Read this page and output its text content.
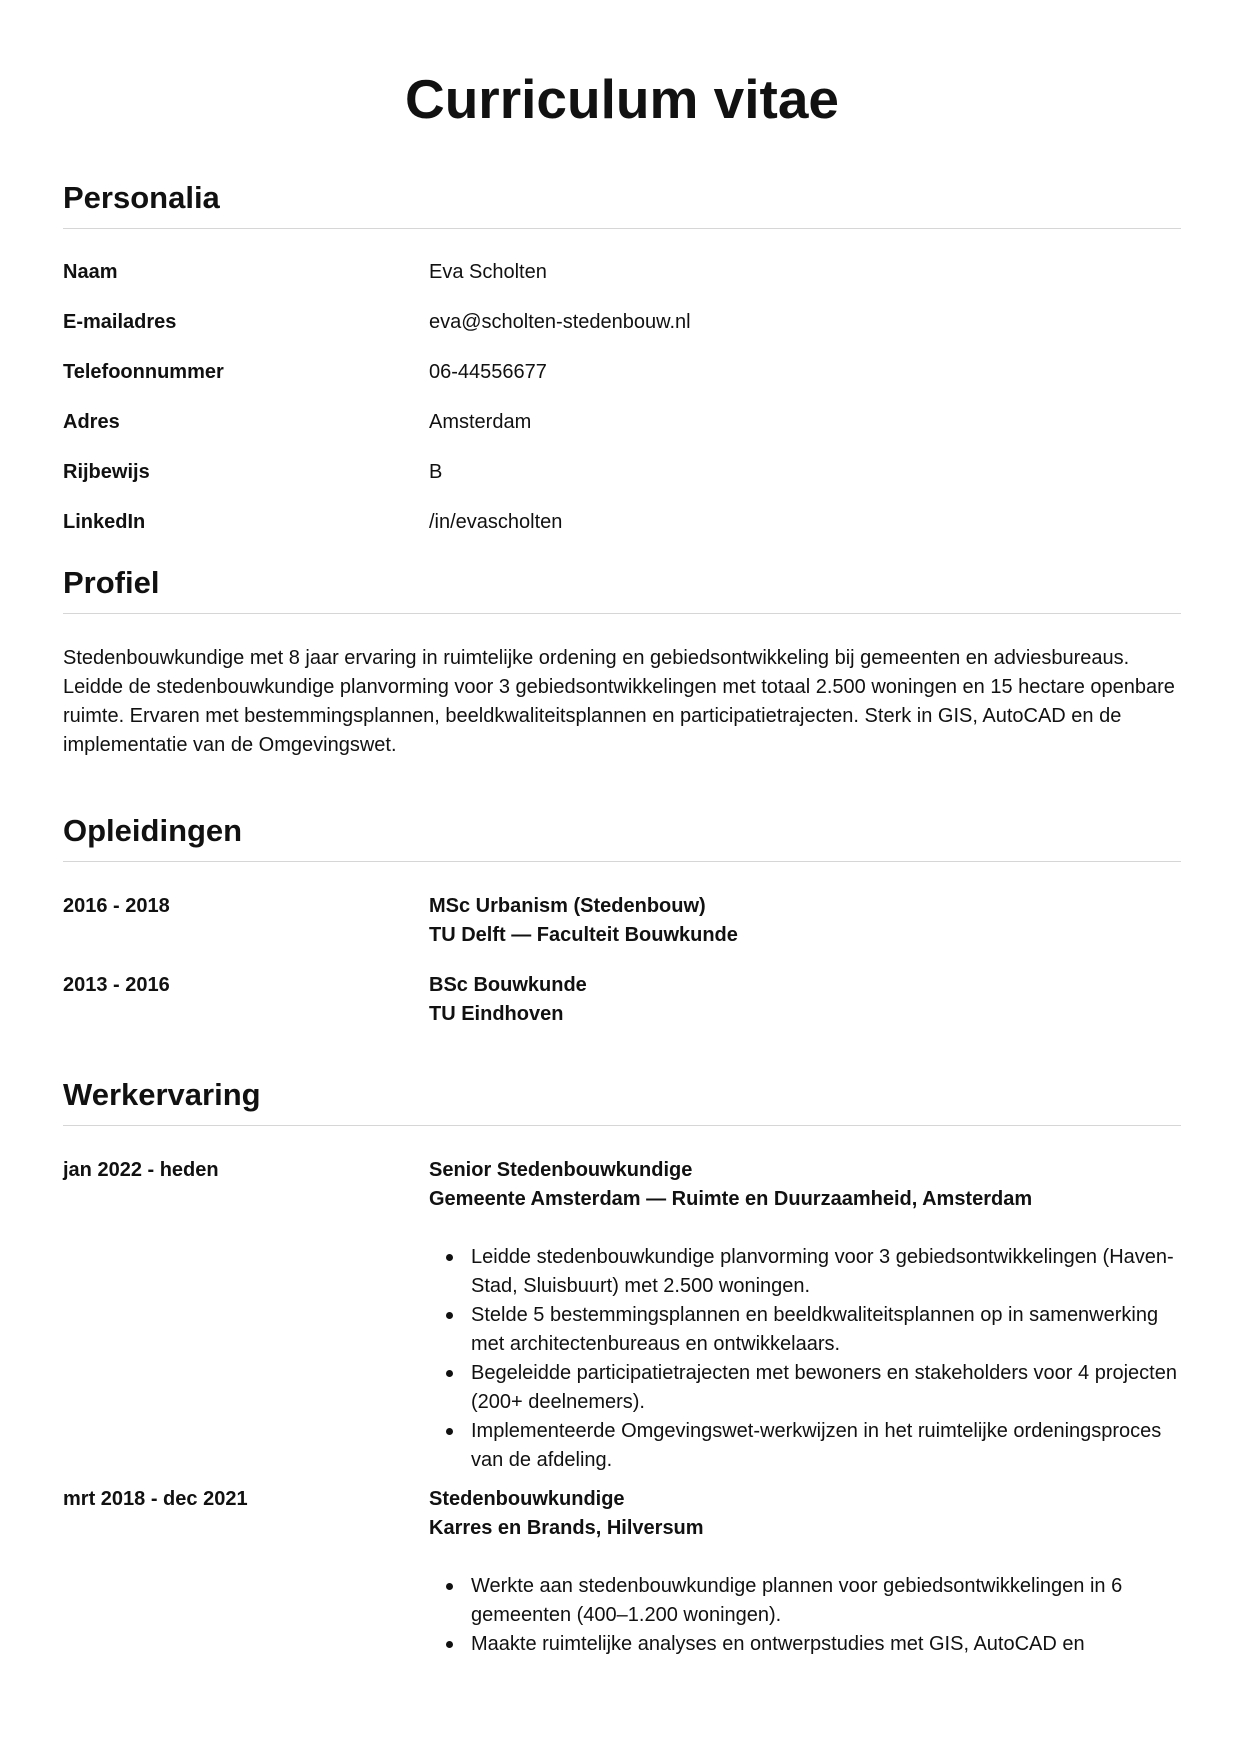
Curriculum vitae
Personalia
Naam	Eva Scholten
E-mailadres	eva@scholten-stedenbouw.nl
Telefoonnummer	06-44556677
Adres	Amsterdam
Rijbewijs	B
LinkedIn	/in/evascholten
Profiel

Stedenbouwkundige met 8 jaar ervaring in ruimtelijke ordening en gebiedsontwikkeling bij gemeenten en adviesbureaus. Leidde de stedenbouwkundige planvorming voor 3 gebiedsontwikkelingen met totaal 2.500 woningen en 15 hectare openbare ruimte. Ervaren met bestemmingsplannen, beeldkwaliteitsplannen en participatietrajecten. Sterk in GIS, AutoCAD en de implementatie van de Omgevingswet.

Opleidingen
2016 - 2018	MSc Urbanism (Stedenbouw)
TU Delft — Faculteit Bouwkunde
2013 - 2016	BSc Bouwkunde
TU Eindhoven
Werkervaring
jan 2022 - heden	Senior Stedenbouwkundige
Gemeente Amsterdam — Ruimte en Duurzaamheid, Amsterdam
Leidde stedenbouwkundige planvorming voor 3 gebiedsontwikkelingen (Haven-Stad, Sluisbuurt) met 2.500 woningen.
Stelde 5 bestemmingsplannen en beeldkwaliteitsplannen op in samenwerking met architectenbureaus en ontwikkelaars.
Begeleidde participatietrajecten met bewoners en stakeholders voor 4 projecten (200+ deelnemers).
Implementeerde Omgevingswet-werkwijzen in het ruimtelijke ordeningsproces van de afdeling.
mrt 2018 - dec 2021	Stedenbouwkundige
Karres en Brands, Hilversum
Werkte aan stedenbouwkundige plannen voor gebiedsontwikkelingen in 6 gemeenten (400–1.200 woningen).
Maakte ruimtelijke analyses en ontwerpstudies met GIS, AutoCAD en
